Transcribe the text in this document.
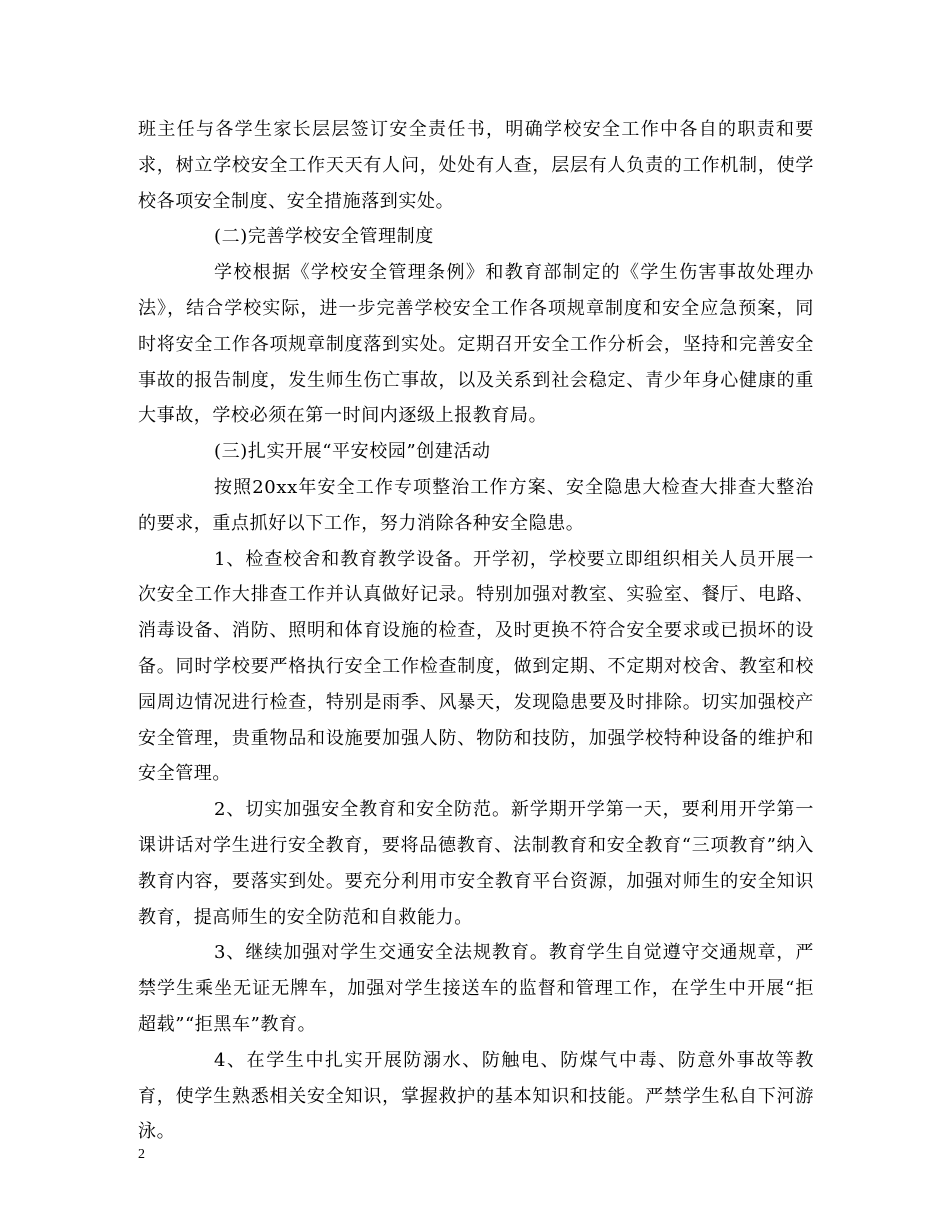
班主任与各学生家长层层签订安全责任书，明确学校安全工作中各自的职责和要求，树立学校安全工作天天有人问，处处有人查，层层有人负责的工作机制，使学校各项安全制度、安全措施落到实处。

(二)完善学校安全管理制度

学校根据《学校安全管理条例》和教育部制定的《学生伤害事故处理办法》，结合学校实际，进一步完善学校安全工作各项规章制度和安全应急预案，同时将安全工作各项规章制度落到实处。定期召开安全工作分析会，坚持和完善安全事故的报告制度，发生师生伤亡事故，以及关系到社会稳定、青少年身心健康的重大事故，学校必须在第一时间内逐级上报教育局。

(三)扎实开展“平安校园”创建活动

按照20xx年安全工作专项整治工作方案、安全隐患大检查大排查大整治的要求，重点抓好以下工作，努力消除各种安全隐患。

1、检查校舍和教育教学设备。开学初，学校要立即组织相关人员开展一次安全工作大排查工作并认真做好记录。特别加强对教室、实验室、餐厅、电路、消毒设备、消防、照明和体育设施的检查，及时更换不符合安全要求或已损坏的设备。同时学校要严格执行安全工作检查制度，做到定期、不定期对校舍、教室和校园周边情况进行检查，特别是雨季、风暴天，发现隐患要及时排除。切实加强校产安全管理，贵重物品和设施要加强人防、物防和技防，加强学校特种设备的维护和安全管理。

2、切实加强安全教育和安全防范。新学期开学第一天，要利用开学第一课讲话对学生进行安全教育，要将品德教育、法制教育和安全教育“三项教育”纳入教育内容，要落实到处。要充分利用市安全教育平台资源，加强对师生的安全知识教育，提高师生的安全防范和自救能力。

3、继续加强对学生交通安全法规教育。教育学生自觉遵守交通规章，严禁学生乘坐无证无牌车，加强对学生接送车的监督和管理工作，在学生中开展“拒超载”“拒黑车”教育。

4、在学生中扎实开展防溺水、防触电、防煤气中毒、防意外事故等教育，使学生熟悉相关安全知识，掌握救护的基本知识和技能。严禁学生私自下河游泳。

2
